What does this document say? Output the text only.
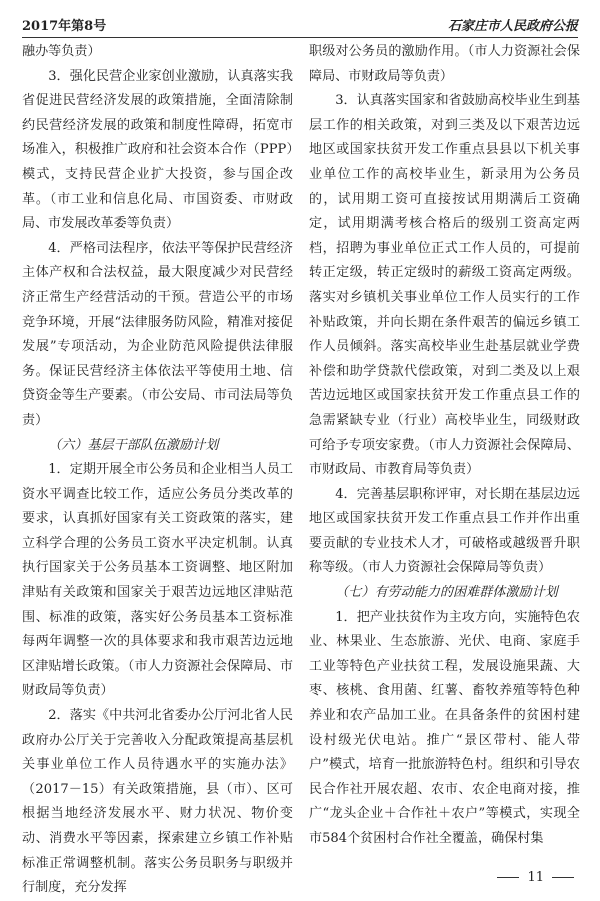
2017年第8号	石家庄市人民政府公报

融办等负责）

3．强化民营企业家创业激励，认真落实我省促进民营经济发展的政策措施，全面清除制约民营经济发展的政策和制度性障碍，拓宽市场准入，积极推广政府和社会资本合作（PPP）模式，支持民营企业扩大投资，参与国企改革。（市工业和信息化局、市国资委、市财政局、市发展改革委等负责）

4．严格司法程序，依法平等保护民营经济主体产权和合法权益，最大限度减少对民营经济正常生产经营活动的干预。营造公平的市场竞争环境，开展“法律服务防风险，精准对接促发展”专项活动，为企业防范风险提供法律服务。保证民营经济主体依法平等使用土地、信贷资金等生产要素。（市公安局、市司法局等负责）

（六）基层干部队伍激励计划

1．定期开展全市公务员和企业相当人员工资水平调查比较工作，适应公务员分类改革的要求，认真抓好国家有关工资政策的落实，建立科学合理的公务员工资水平决定机制。认真执行国家关于公务员基本工资调整、地区附加津贴有关政策和国家关于艰苦边远地区津贴范围、标准的政策，落实好公务员基本工资标准每两年调整一次的具体要求和我市艰苦边远地区津贴增长政策。（市人力资源社会保障局、市财政局等负责）

2．落实《中共河北省委办公厅河北省人民政府办公厅关于完善收入分配政策提高基层机关事业单位工作人员待遇水平的实施办法》（2017－15）有关政策措施，县（市）、区可根据当地经济发展水平、财力状况、物价变动、消费水平等因素，探索建立乡镇工作补贴标准正常调整机制。落实公务员职务与职级并行制度，充分发挥

职级对公务员的激励作用。（市人力资源社会保障局、市财政局等负责）

3．认真落实国家和省鼓励高校毕业生到基层工作的相关政策，对到三类及以下艰苦边远地区或国家扶贫开发工作重点县县以下机关事业单位工作的高校毕业生，新录用为公务员的，试用期工资可直接按试用期满后工资确定，试用期满考核合格后的级别工资高定两档，招聘为事业单位正式工作人员的，可提前转正定级，转正定级时的薪级工资高定两级。落实对乡镇机关事业单位工作人员实行的工作补贴政策，并向长期在条件艰苦的偏远乡镇工作人员倾斜。落实高校毕业生赴基层就业学费补偿和助学贷款代偿政策，对到二类及以上艰苦边远地区或国家扶贫开发工作重点县工作的急需紧缺专业（行业）高校毕业生，同级财政可给予专项安家费。（市人力资源社会保障局、市财政局、市教育局等负责）

4．完善基层职称评审，对长期在基层边远地区或国家扶贫开发工作重点县工作并作出重要贡献的专业技术人才，可破格或越级晋升职称等级。（市人力资源社会保障局等负责）

（七）有劳动能力的困难群体激励计划

1．把产业扶贫作为主攻方向，实施特色农业、林果业、生态旅游、光伏、电商、家庭手工业等特色产业扶贫工程，发展设施果蔬、大枣、核桃、食用菌、红薯、畜牧养殖等特色种养业和农产品加工业。在具备条件的贫困村建设村级光伏电站。推广“景区带村、能人带户”模式，培育一批旅游特色村。组织和引导农民合作社开展农超、农市、农企电商对接，推广“龙头企业＋合作社＋农户”等模式，实现全市584个贫困村合作社全覆盖，确保村集

11
